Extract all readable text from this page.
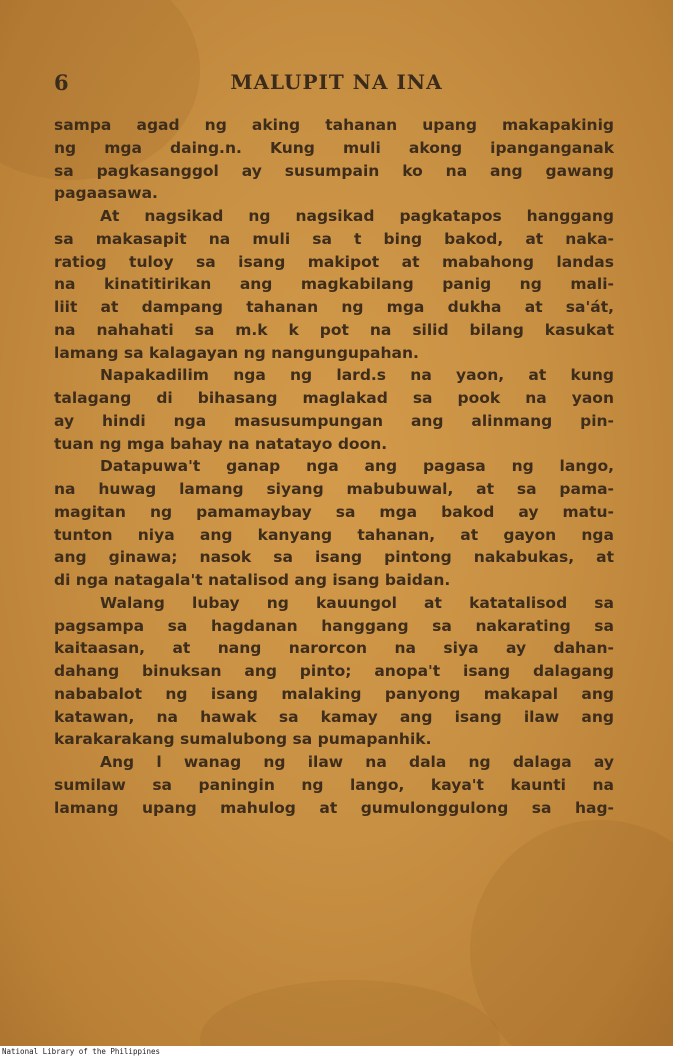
6	MALUPIT NA INA
sampa agad ng aking tahanan upang makapakinig
ng mga daing.n. Kung muli akong ipanganganak
sa pagkasanggol ay susumpain ko na ang gawang
pagaasawa.
At nagsikad ng nagsikad pagkatapos hanggang
sa makasapit na muli sa t bing bakod, at naka-
ratiog tuloy sa isang makipot at mabahong landas
na kinatitirikan ang magkabilang panig ng mali-
liit at dampang tahanan ng mga dukha at sa'át,
na nahahati sa m.k k pot na silid bilang kasukat
lamang sa kalagayan ng nangungupahan.
Napakadilim nga ng lard.s na yaon, at kung
talagang di bihasang maglakad sa pook na yaon
ay hindi nga masusumpungan ang alinmang pin-
tuan ng mga bahay na natatayo doon.
Datapuwa't ganap nga ang pagasa ng lango,
na huwag lamang siyang mabubuwal, at sa pama-
magitan ng pamamaybay sa mga bakod ay matu-
tunton niya ang kanyang tahanan, at gayon nga
ang ginawa; nasok sa isang pintong nakabukas, at
di nga natagala't natalisod ang isang baidan.
Walang lubay ng kauungol at katatalisod sa
pagsampa sa hagdanan hanggang sa nakarating sa
kaitaasan, at nang narorcon na siya ay dahan-
dahang binuksan ang pinto; anopa't isang dalagang
nababalot ng isang malaking panyong makapal ang
katawan, na hawak sa kamay ang isang ilaw ang
karakarakang sumalubong sa pumapanhik.
Ang l wanag ng ilaw na dala ng dalaga ay
sumilaw sa paningin ng lango, kaya't kaunti na
lamang upang mahulog at gumulonggulong sa hag-
National Library of the Philippines
